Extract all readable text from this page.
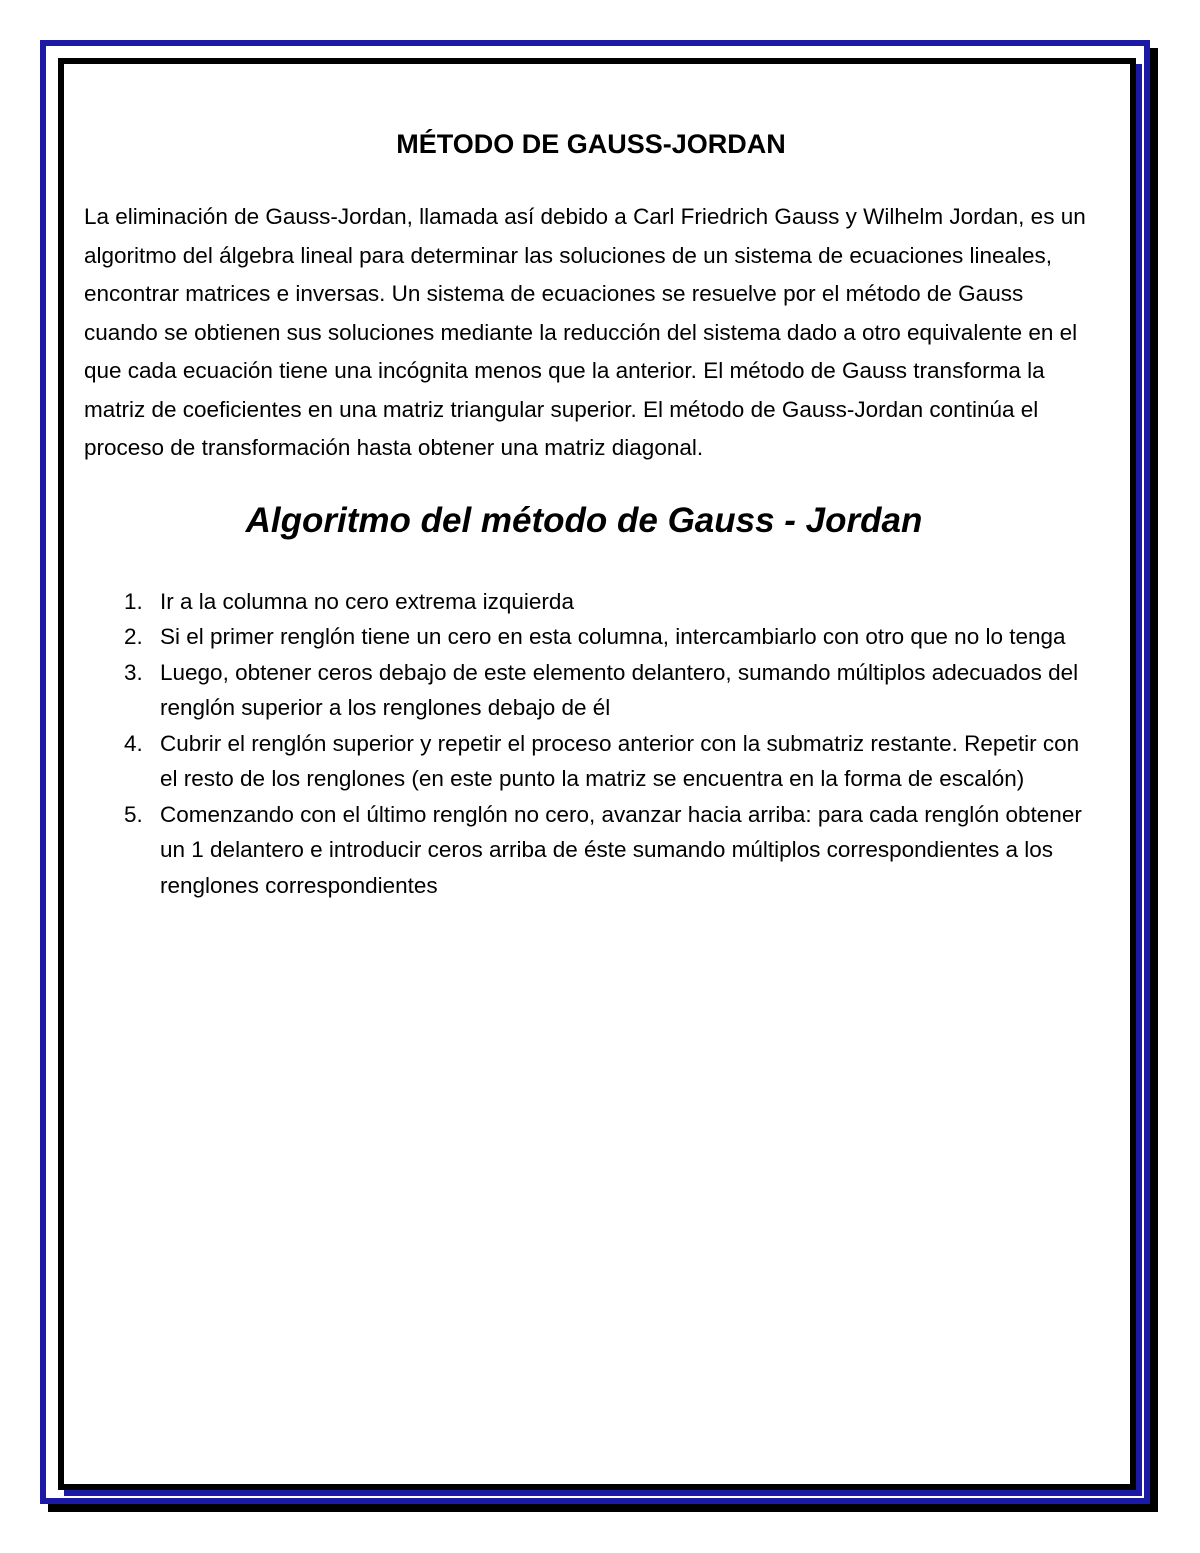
MÉTODO DE GAUSS-JORDAN

La eliminación de Gauss-Jordan, llamada así debido a Carl Friedrich Gauss y Wilhelm Jordan, es un algoritmo del álgebra lineal para determinar las soluciones de un sistema de ecuaciones lineales, encontrar matrices e inversas. Un sistema de ecuaciones se resuelve por el método de Gauss cuando se obtienen sus soluciones mediante la reducción del sistema dado a otro equivalente en el que cada ecuación tiene una incógnita menos que la anterior. El método de Gauss transforma la matriz de coeficientes en una matriz triangular superior. El método de Gauss-Jordan continúa el proceso de transformación hasta obtener una matriz diagonal.

Algoritmo del método de Gauss - Jordan
1. Ir a la columna no cero extrema izquierda
2. Si el primer renglón tiene un cero en esta columna, intercambiarlo con otro que no lo tenga
3. Luego, obtener ceros debajo de este elemento delantero, sumando múltiplos adecuados del renglón superior a los renglones debajo de él
4. Cubrir el renglón superior y repetir el proceso anterior con la submatriz restante. Repetir con el resto de los renglones (en este punto la matriz se encuentra en la forma de escalón)
5. Comenzando con el último renglón no cero, avanzar hacia arriba: para cada renglón obtener un 1 delantero e introducir ceros arriba de éste sumando múltiplos correspondientes a los renglones correspondientes
